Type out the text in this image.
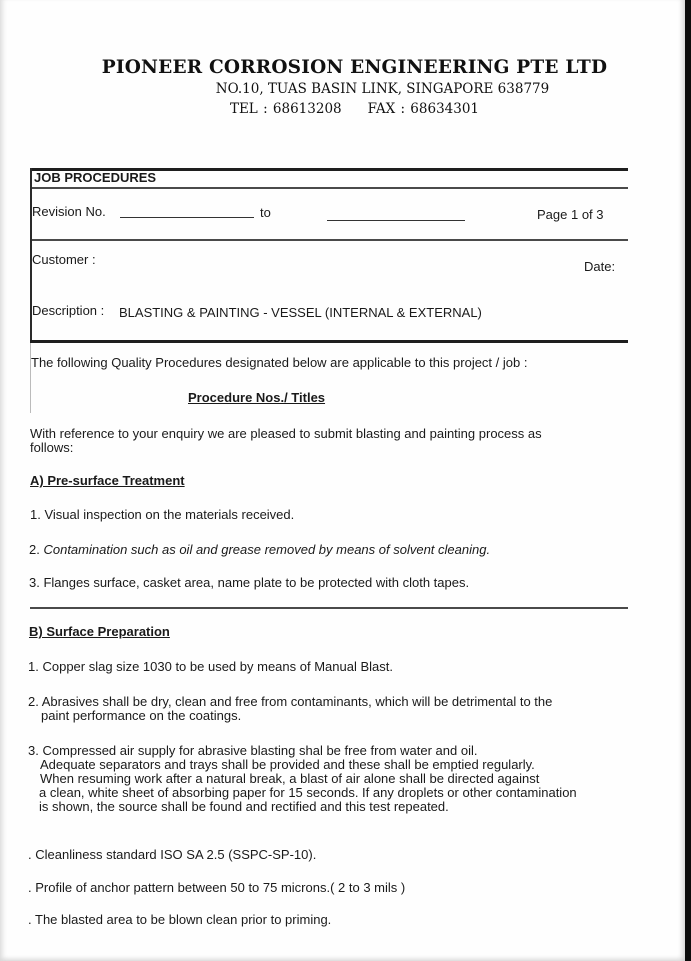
PIONEER CORROSION ENGINEERING PTE LTD
NO.10, TUAS BASIN LINK, SINGAPORE 638779
TEL : 68613208 FAX : 68634301
JOB PROCEDURES
Revision No.	to	Page 1 of 3
Customer :	Date:
Description : BLASTING & PAINTING - VESSEL (INTERNAL & EXTERNAL)
The following Quality Procedures designated below are applicable to this project / job :
Procedure Nos./ Titles
With reference to your enquiry we are pleased to submit blasting and painting process as
follows:
A) Pre-surface Treatment
1. Visual inspection on the materials received.
2. Contamination such as oil and grease removed by means of solvent cleaning.
3. Flanges surface, casket area, name plate to be protected with cloth tapes.
B) Surface Preparation
1. Copper slag size 1030 to be used by means of Manual Blast.
2. Abrasives shall be dry, clean and free from contaminants, which will be detrimental to the
paint performance on the coatings.
3. Compressed air supply for abrasive blasting shal be free from water and oil.
Adequate separators and trays shall be provided and these shall be emptied regularly.
When resuming work after a natural break, a blast of air alone shall be directed against
a clean, white sheet of absorbing paper for 15 seconds. If any droplets or other contamination
is shown, the source shall be found and rectified and this test repeated.
. Cleanliness standard ISO SA 2.5 (SSPC-SP-10).
. Profile of anchor pattern between 50 to 75 microns.( 2 to 3 mils )
. The blasted area to be blown clean prior to priming.
